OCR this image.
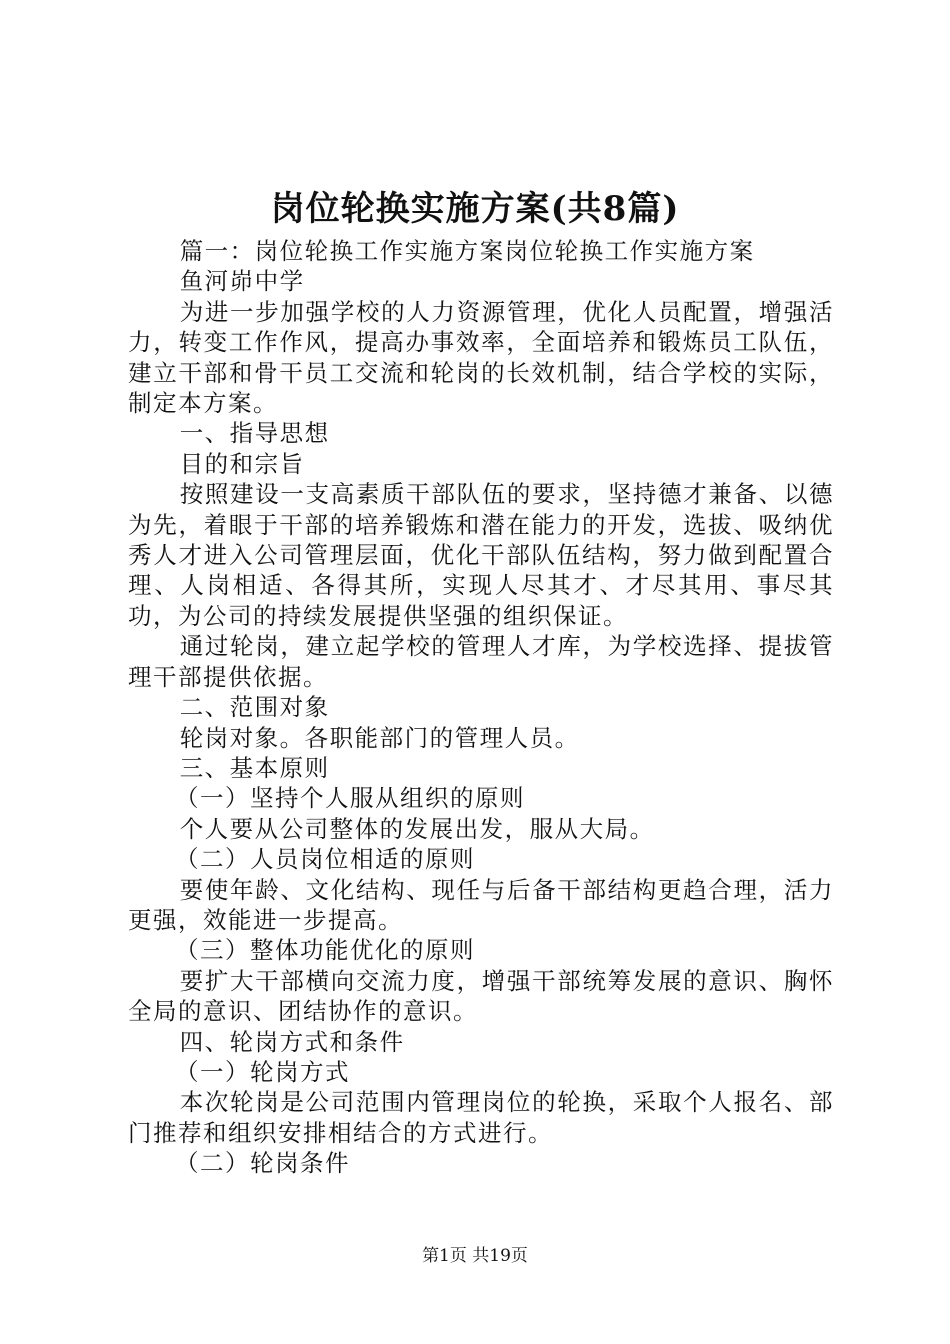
岗位轮换实施方案(共8篇)

篇一：岗位轮换工作实施方案岗位轮换工作实施方案

鱼河峁中学

为进一步加强学校的人力资源管理，优化人员配置，增强活力，转变工作作风，提高办事效率，全面培养和锻炼员工队伍，建立干部和骨干员工交流和轮岗的长效机制，结合学校的实际，制定本方案。

一、指导思想

目的和宗旨

按照建设一支高素质干部队伍的要求，坚持德才兼备、以德为先，着眼于干部的培养锻炼和潜在能力的开发，选拔、吸纳优秀人才进入公司管理层面，优化干部队伍结构，努力做到配置合理、人岗相适、各得其所，实现人尽其才、才尽其用、事尽其功，为公司的持续发展提供坚强的组织保证。

通过轮岗，建立起学校的管理人才库，为学校选择、提拔管理干部提供依据。

二、范围对象

轮岗对象。各职能部门的管理人员。

三、基本原则

（一）坚持个人服从组织的原则

个人要从公司整体的发展出发，服从大局。

（二）人员岗位相适的原则

要使年龄、文化结构、现任与后备干部结构更趋合理，活力更强，效能进一步提高。

（三）整体功能优化的原则

要扩大干部横向交流力度，增强干部统筹发展的意识、胸怀全局的意识、团结协作的意识。

四、轮岗方式和条件

（一）轮岗方式

本次轮岗是公司范围内管理岗位的轮换，采取个人报名、部门推荐和组织安排相结合的方式进行。

（二）轮岗条件

第1页 共19页
